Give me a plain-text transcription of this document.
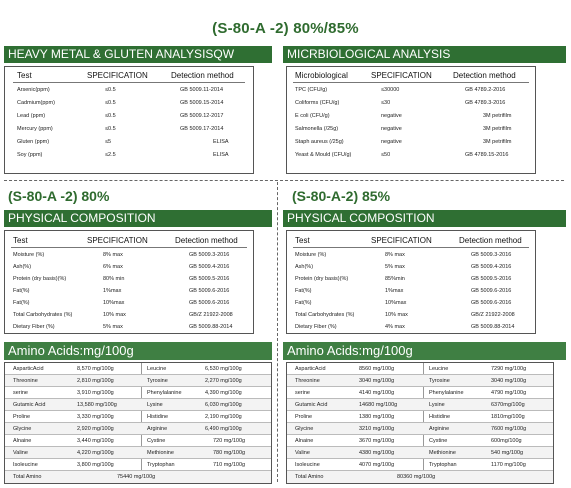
(S-80-A -2) 80%/85%
HEAVY METAL & GLUTEN ANALYSISQW
Test	SPECIFICATION	Detection method
Arsenic(ppm)	≤0.5	GB 5009.11-2014
Cadmium(ppm)	≤0.5	GB 5009.15-2014
Lead (ppm)	≤0.5	GB 5009.12-2017
Mercury (ppm)	≤0.5	GB 5009.17-2014
Gluten (ppm)	≤5	ELISA
Soy (ppm)	≤2.5	ELISA
MICRBIOLOGICAL ANALYSIS
Microbiological	SPECIFICATION	Detection method
TPC (CFU/g)	≤30000	GB 4789.2-2016
Coliforms (CFU/g)	≤30	GB 4789.3-2016
E coli (CFU/g)	negative	3M petrifilm
Salmonella (/25g)	negative	3M petrifilm
Staph aureus (/25g)	negative	3M petrifilm
Yeast & Mould (CFU/g)	≤50	GB 4789.15-2016
(S-80-A -2) 80%
PHYSICAL COMPOSITION
Test	SPECIFICATION	Detection method
Moisture (%)	8% max	GB 5009.3-2016
Ash(%)	6% max	GB 5009.4-2016
Protein (dry basis)(%)	80% min	GB 5009.5-2016
Fat(%)	1%max	GB 5009.6-2016
Fat(%)	10%max	GB 5009.6-2016
Total Carbohydrates (%)	10% max	GB/Z 21922-2008
Dietary Fiber (%)	5% max	GB 5009.88-2014
Amino Acids:mg/100g
AsparticAcid	8,570 mg/100g	Leucine	6,530 mg/100g
Threonine	2,810 mg/100g	Tyrosine	2,270 mg/100g
serine	3,910 mg/100g	Phenylalanine	4,390 mg/100g
Gutamic Acid	13,580 mg/100g	Lysine	6,030 mg/100g
Proline	3,330 mg/100g	Histidine	2,190 mg/100g
Glycine	2,920 mg/100g	Arginine	6,490 mg/100g
Alnaine	3,440 mg/100g	Cystine	720 mg/100g
Valine	4,220 mg/100g	Methionine	780 mg/100g
Isoleucine	3,800 mg/100g	Tryptophan	710 mg/100g
Total Amino	75440 mg/100g
(S-80-A-2) 85%
PHYSICAL COMPOSITION
Test	SPECIFICATION	Detection method
Moisture (%)	8% max	GB 5009.3-2016
Ash(%)	5% max	GB 5009.4-2016
Protein (dry basis)(%)	85%min	GB 5009.5-2016
Fat(%)	1%max	GB 5009.6-2016
Fat(%)	10%max	GB 5009.6-2016
Total Carbohydrates (%)	10% max	GB/Z 21922-2008
Dietary Fiber (%)	4% max	GB 5009.88-2014
Amino Acids:mg/100g
AsparticAcid	8560 mg/100g	Leucine	7290 mg/100g
Threonine	3040 mg/100g	Tyrosine	3040 mg/100g
serine	4140 mg/100g	Phenylalanine	4790 mg/100g
Gutamic Acid	14680 mg/100g	Lysine	6370mg/100g
Proline	1380 mg/100g	Histidine	1810mg/100g
Glycine	3210 mg/100g	Arginine	7600 mg/100g
Alnaine	3670 mg/100g	Cystine	600mg/100g
Valine	4380 mg/100g	Methionine	540 mg/100g
Isoleucine	4070 mg/100g	Tryptophan	1170 mg/100g
Total Amino	80360 mg/100g
